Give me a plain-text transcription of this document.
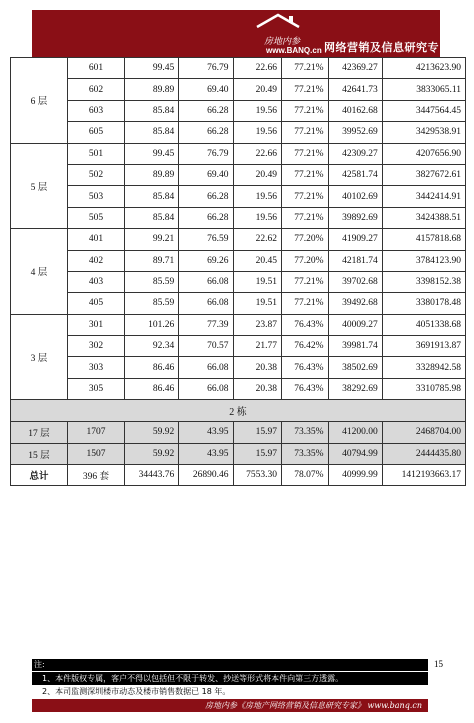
房地内参
www.BANQ.cn 网络营销及信息研究专家
6 层	601	99.45	76.79	22.66	77.21%	42369.27	4213623.90
	602	89.89	69.40	20.49	77.21%	42641.73	3833065.11
	603	85.84	66.28	19.56	77.21%	40162.68	3447564.45
	605	85.84	66.28	19.56	77.21%	39952.69	3429538.91
5 层	501	99.45	76.79	22.66	77.21%	42309.27	4207656.90
	502	89.89	69.40	20.49	77.21%	42581.74	3827672.61
	503	85.84	66.28	19.56	77.21%	40102.69	3442414.91
	505	85.84	66.28	19.56	77.21%	39892.69	3424388.51
4 层	401	99.21	76.59	22.62	77.20%	41909.27	4157818.68
	402	89.71	69.26	20.45	77.20%	42181.74	3784123.90
	403	85.59	66.08	19.51	77.21%	39702.68	3398152.38
	405	85.59	66.08	19.51	77.21%	39492.68	3380178.48
3 层	301	101.26	77.39	23.87	76.43%	40009.27	4051338.68
	302	92.34	70.57	21.77	76.42%	39981.74	3691913.87
	303	86.46	66.08	20.38	76.43%	38502.69	3328942.58
	305	86.46	66.08	20.38	76.43%	38292.69	3310785.98
2 栋							
17 层	1707	59.92	43.95	15.97	73.35%	41200.00	2468704.00
15 层	1507	59.92	43.95	15.97	73.35%	40794.99	2444435.80
总计	396 套	34443.76	26890.46	7553.30	78.07%	40999.99	1412193663.17
注:	15
1、本件版权专属，客户不得以包括但不限于转发、抄送等形式将本件向第三方透露。
2、本司监测深圳楼市动态及楼市销售数据已 18 年。
房地内参《房地产网络营销及信息研究专家》 www.banq.cn
